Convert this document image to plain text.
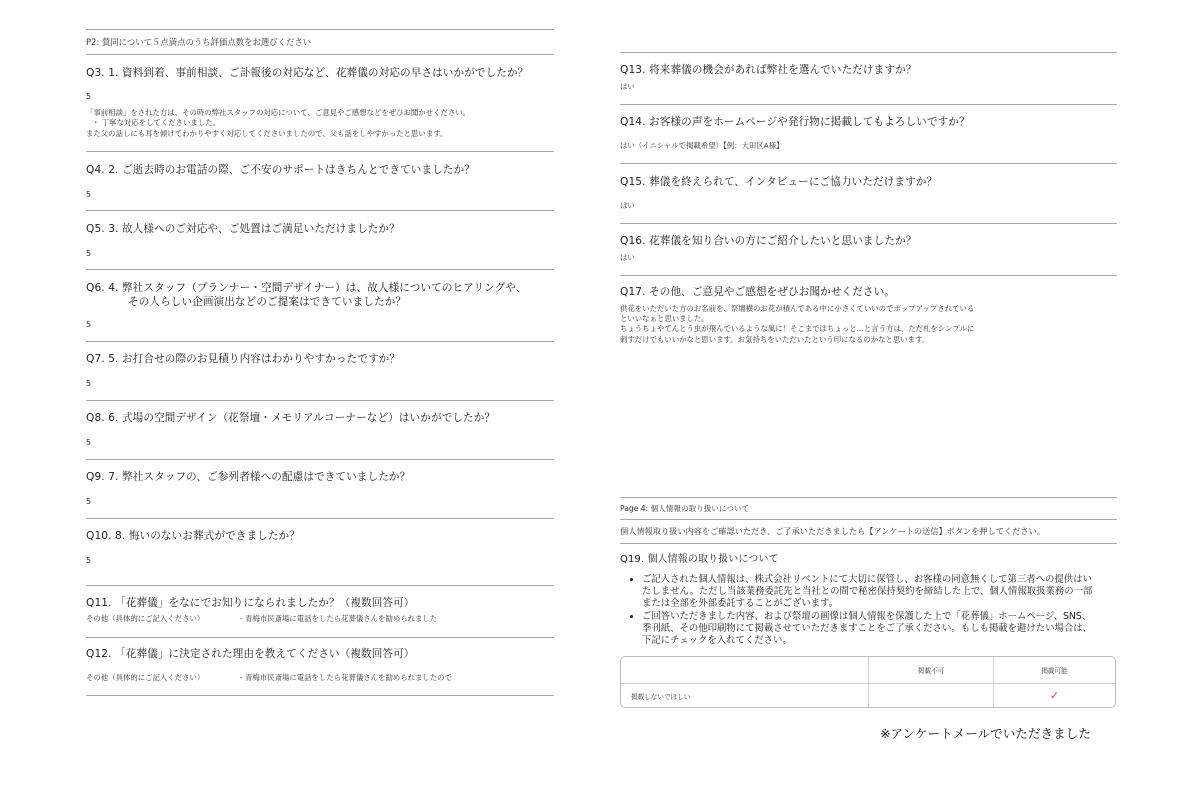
P2: 賛同について５点満点のうち評価点数をお選びください
Q3. 1. 資料到着、事前相談、ご訃報後の対応など、花葬儀の対応の早さはいかがでしたか？
5
「事前相談」をされた方は、その時の弊社スタッフの対応について、ご意見やご感想などをぜひお聞かせください。
・ 丁寧な対応をしてくださいました。
また父の話しにも耳を傾けてわかりやすく対応してくださいましたので、父も話をしやすかったと思います。
Q4. 2. ご逝去時のお電話の際、ご不安のサポートはきちんとできていましたか？
5
Q5. 3. 故人様へのご対応や、ご処置はご満足いただけましたか？
5
Q6. 4. 弊社スタッフ（プランナー・空間デザイナー）は、故人様についてのヒアリングや、
その人らしい企画演出などのご提案はできていましたか？
5
Q7. 5. お打合せの際のお見積り内容はわかりやすかったですか？
5
Q8. 6. 式場の空間デザイン（花祭壇・メモリアルコーナーなど）はいかがでしたか？
5
Q9. 7. 弊社スタッフの、ご参列者様への配慮はできていましたか？
5
Q10. 8. 悔いのないお葬式ができましたか？
5
Q11. 「花葬儀」をなにでお知りになられましたか？（複数回答可）
その他（具体的にご記入ください）	- 青梅市民斎場に電話をしたら花葬儀さんを勧められました
Q12. 「花葬儀」に決定された理由を教えてください（複数回答可）
その他（具体的にご記入ください）	- 青梅市民斎場に電話をしたら花葬儀さんを勧められましたので
Q13. 将来葬儀の機会があれば弊社を選んでいただけますか？
はい
Q14. お客様の声をホームページや発行物に掲載してもよろしいですか？
はい（イニシャルで掲載希望）【例：大田区A様】
Q15. 葬儀を終えられて、インタビューにご協力いただけますか？
はい
Q16. 花葬儀を知り合いの方にご紹介したいと思いましたか？
はい
Q17. その他、ご意見やご感想をぜひお聞かせください。
供花をいただいた方のお名前を、祭壇横のお花が積んである中に小さくていいのでポップアップされている
といいなぁと思いました。
ちょうちょやてんとう虫が飛んでいるような風に！そこまではちょっと…と言う方は、ただ札をシンプルに
刺すだけでもいいかなと思います。お気持ちをいただいたという印になるのかなと思います。
Page 4: 個人情報の取り扱いについて
個人情報取り扱い内容をご確認いただき、ご了承いただきましたら【アンケートの送信】ボタンを押してください。
Q19. 個人情報の取り扱いについて
• ご記入された個人情報は、株式会社リベントにて大切に保管し、お客様の同意無くして第三者への提供はいたしません。ただし当該業務委託先と当社との間で秘密保持契約を締結した上で、個人情報取扱業務の一部または全部を外部委託することがございます。
• ご回答いただきました内容、および祭壇の画像は個人情報を保護した上で「花葬儀」ホームページ、SNS、季刊紙、その他印刷物にて掲載させていただきますことをご了承ください。もしも掲載を避けたい場合は、下記にチェックを入れてください。
	掲載不可	掲載可能
掲載しないでほしい		✓
※アンケートメールでいただきました
